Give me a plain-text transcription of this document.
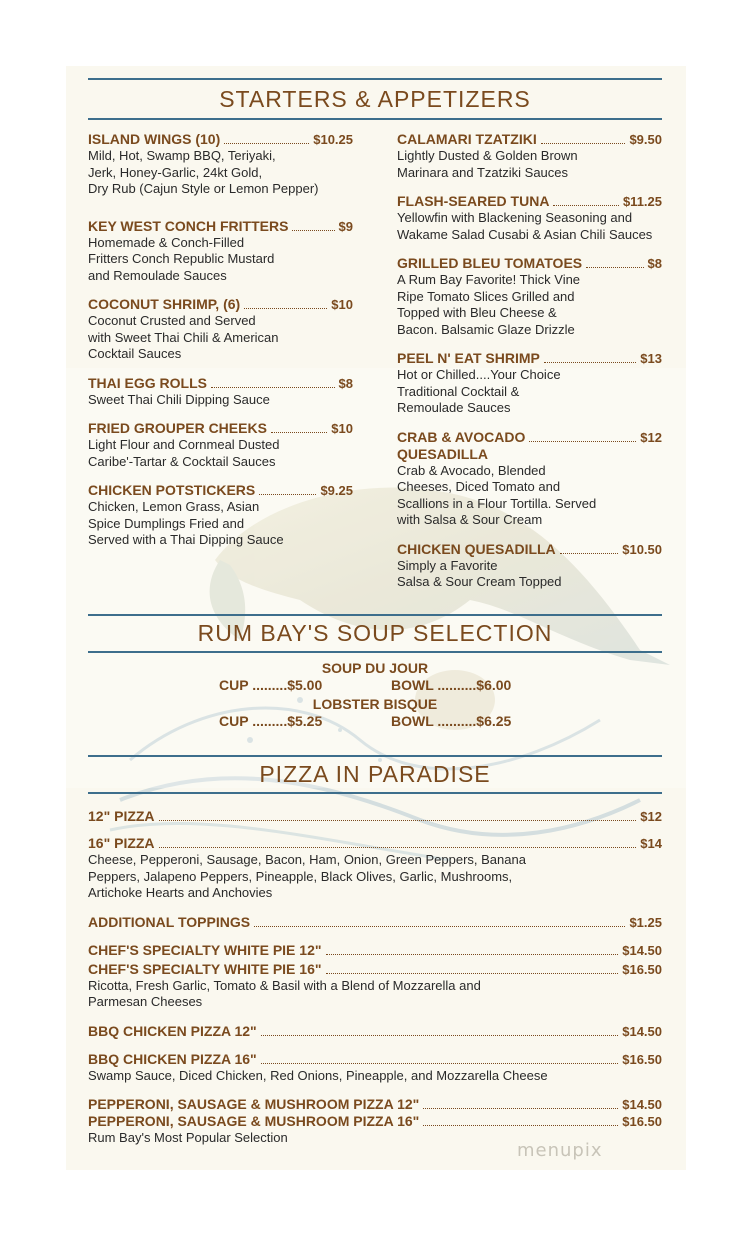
STARTERS & APPETIZERS
ISLAND WINGS (10)	$10.25
Mild, Hot, Swamp BBQ, Teriyaki,
Jerk, Honey-Garlic, 24kt Gold,
Dry Rub (Cajun Style or Lemon Pepper)
KEY WEST CONCH FRITTERS	$9
Homemade & Conch-Filled
Fritters Conch Republic Mustard
and Remoulade Sauces
COCONUT SHRIMP, (6)	$10
Coconut Crusted and Served
with Sweet Thai Chili & American
Cocktail Sauces
THAI EGG ROLLS	$8
Sweet Thai Chili Dipping Sauce
FRIED GROUPER CHEEKS	$10
Light Flour and Cornmeal Dusted
Caribe'-Tartar & Cocktail Sauces
CHICKEN POTSTICKERS	$9.25
Chicken, Lemon Grass, Asian
Spice Dumplings Fried and
Served with a Thai Dipping Sauce
CALAMARI TZATZIKI	$9.50
Lightly Dusted & Golden Brown
Marinara and Tzatziki Sauces
FLASH-SEARED TUNA	$11.25
Yellowfin with Blackening Seasoning and
Wakame Salad Cusabi & Asian Chili Sauces
GRILLED BLEU TOMATOES	$8
A Rum Bay Favorite! Thick Vine
Ripe Tomato Slices Grilled and
Topped with Bleu Cheese &
Bacon. Balsamic Glaze Drizzle
PEEL N' EAT SHRIMP	$13
Hot or Chilled....Your Choice
Traditional Cocktail &
Remoulade Sauces
CRAB & AVOCADO	$12
QUESADILLA
Crab & Avocado, Blended
Cheeses, Diced Tomato and
Scallions in a Flour Tortilla. Served
with Salsa & Sour Cream
CHICKEN QUESADILLA	$10.50
Simply a Favorite
Salsa & Sour Cream Topped
RUM BAY'S SOUP SELECTION
SOUP DU JOUR
CUP .........$5.00	BOWL ..........$6.00
LOBSTER BISQUE
CUP .........$5.25	BOWL ..........$6.25
PIZZA IN PARADISE
12" PIZZA	$12
16" PIZZA	$14
Cheese, Pepperoni, Sausage, Bacon, Ham, Onion, Green Peppers, Banana
Peppers, Jalapeno Peppers, Pineapple, Black Olives, Garlic, Mushrooms,
Artichoke Hearts and Anchovies
ADDITIONAL TOPPINGS	$1.25
CHEF'S SPECIALTY WHITE PIE 12"	$14.50
CHEF'S SPECIALTY WHITE PIE 16"	$16.50
Ricotta, Fresh Garlic, Tomato & Basil with a Blend of Mozzarella and
Parmesan Cheeses
BBQ CHICKEN PIZZA 12"	$14.50
BBQ CHICKEN PIZZA 16"	$16.50
Swamp Sauce, Diced Chicken, Red Onions, Pineapple, and Mozzarella Cheese
PEPPERONI, SAUSAGE & MUSHROOM PIZZA 12"	$14.50
PEPPERONI, SAUSAGE & MUSHROOM PIZZA 16"	$16.50
Rum Bay's Most Popular Selection
menupix
